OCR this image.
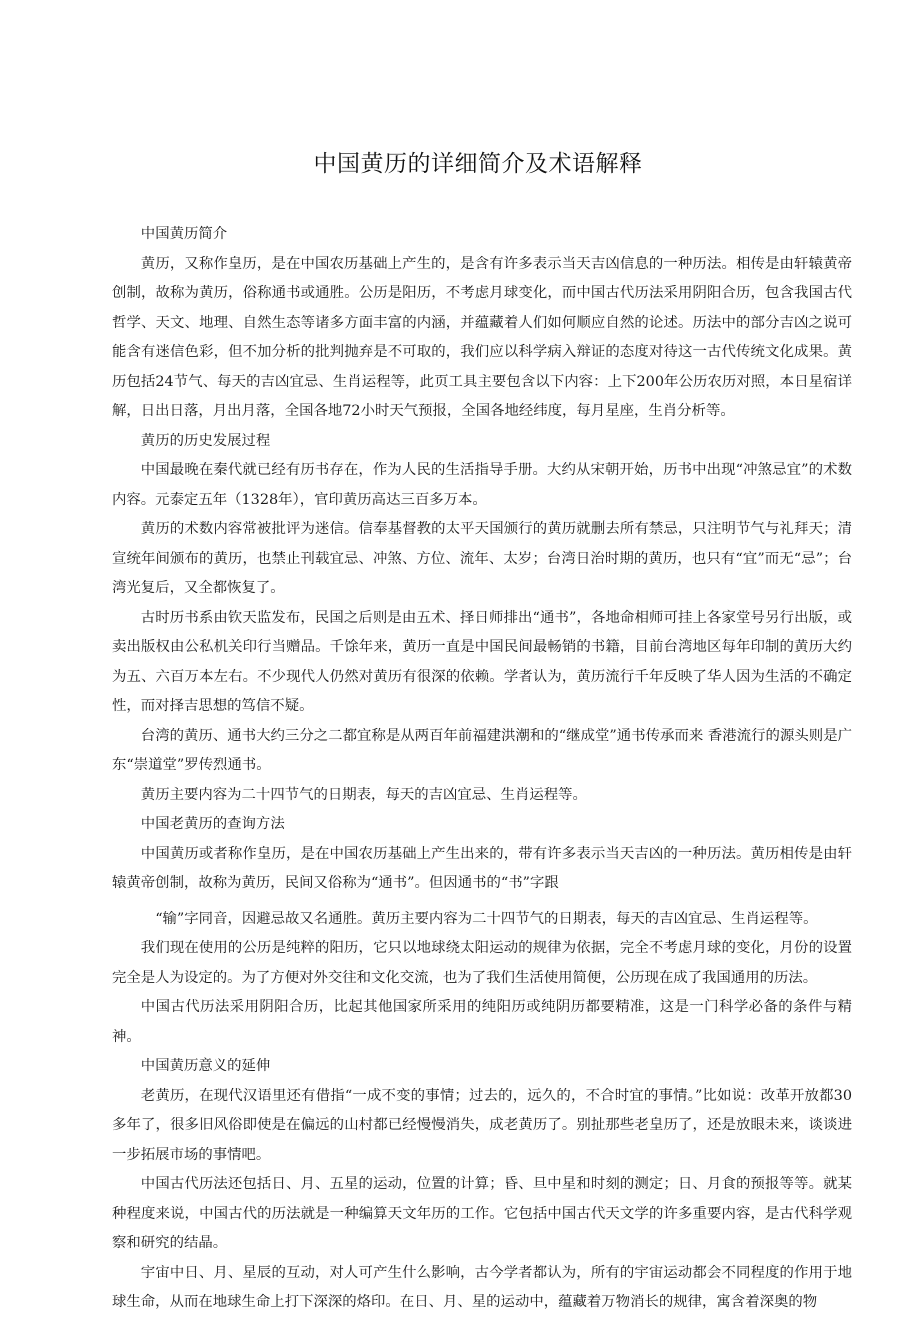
中国黄历的详细简介及术语解释

中国黄历简介

黄历，又称作皇历，是在中国农历基础上产生的，是含有许多表示当天吉凶信息的一种历法。相传是由轩辕黄帝创制，故称为黄历，俗称通书或通胜。公历是阳历，不考虑月球变化，而中国古代历法采用阴阳合历，包含我国古代哲学、天文、地理、自然生态等诸多方面丰富的内涵，并蕴藏着人们如何顺应自然的论述。历法中的部分吉凶之说可能含有迷信色彩，但不加分析的批判抛弃是不可取的，我们应以科学病入辩证的态度对待这一古代传统文化成果。黄历包括24节气、每天的吉凶宜忌、生肖运程等，此页工具主要包含以下内容：上下200年公历农历对照，本日星宿详解，日出日落，月出月落，全国各地72小时天气预报，全国各地经纬度，每月星座，生肖分析等。

黄历的历史发展过程

中国最晚在秦代就已经有历书存在，作为人民的生活指导手册。大约从宋朝开始，历书中出现“冲煞忌宜”的术数内容。元泰定五年（1328年），官印黄历高达三百多万本。

黄历的术数内容常被批评为迷信。信奉基督教的太平天国颁行的黄历就删去所有禁忌，只注明节气与礼拜天；清宣统年间颁布的黄历，也禁止刊载宜忌、冲煞、方位、流年、太岁；台湾日治时期的黄历，也只有“宜”而无“忌”；台湾光复后，又全都恢复了。

古时历书系由钦天监发布，民国之后则是由五术、择日师排出“通书”，各地命相师可挂上各家堂号另行出版，或卖出版权由公私机关印行当赠品。千馀年来，黄历一直是中国民间最畅销的书籍，目前台湾地区每年印制的黄历大约为五、六百万本左右。不少现代人仍然对黄历有很深的依赖。学者认为，黄历流行千年反映了华人因为生活的不确定性，而对择吉思想的笃信不疑。

台湾的黄历、通书大约三分之二都宜称是从两百年前福建洪潮和的“继成堂”通书传承而来 香港流行的源头则是广东“崇道堂”罗传烈通书。

黄历主要内容为二十四节气的日期表，每天的吉凶宜忌、生肖运程等。

中国老黄历的查询方法

中国黄历或者称作皇历，是在中国农历基础上产生出来的，带有许多表示当天吉凶的一种历法。黄历相传是由轩辕黄帝创制，故称为黄历，民间又俗称为“通书”。但因通书的“书”字跟

“输”字同音，因避忌故又名通胜。黄历主要内容为二十四节气的日期表，每天的吉凶宜忌、生肖运程等。

我们现在使用的公历是纯粹的阳历，它只以地球绕太阳运动的规律为依据，完全不考虑月球的变化，月份的设置完全是人为设定的。为了方便对外交往和文化交流，也为了我们生活使用简便，公历现在成了我国通用的历法。

中国古代历法采用阴阳合历，比起其他国家所采用的纯阳历或纯阴历都要精准，这是一门科学必备的条件与精神。

中国黄历意义的延伸

老黄历，在现代汉语里还有借指“一成不变的事情；过去的，远久的，不合时宜的事情。”比如说：改革开放都30多年了，很多旧风俗即使是在偏远的山村都已经慢慢消失，成老黄历了。别扯那些老皇历了，还是放眼未来，谈谈进一步拓展市场的事情吧。

中国古代历法还包括日、月、五星的运动，位置的计算；昏、旦中星和时刻的测定；日、月食的预报等等。就某种程度来说，中国古代的历法就是一种编算天文年历的工作。它包括中国古代天文学的许多重要内容，是古代科学观察和研究的结晶。

宇宙中日、月、星辰的互动，对人可产生什么影响，古今学者都认为，所有的宇宙运动都会不同程度的作用于地球生命，从而在地球生命上打下深深的烙印。在日、月、星的运动中，蕴藏着万物消长的规律，寓含着深奥的物
